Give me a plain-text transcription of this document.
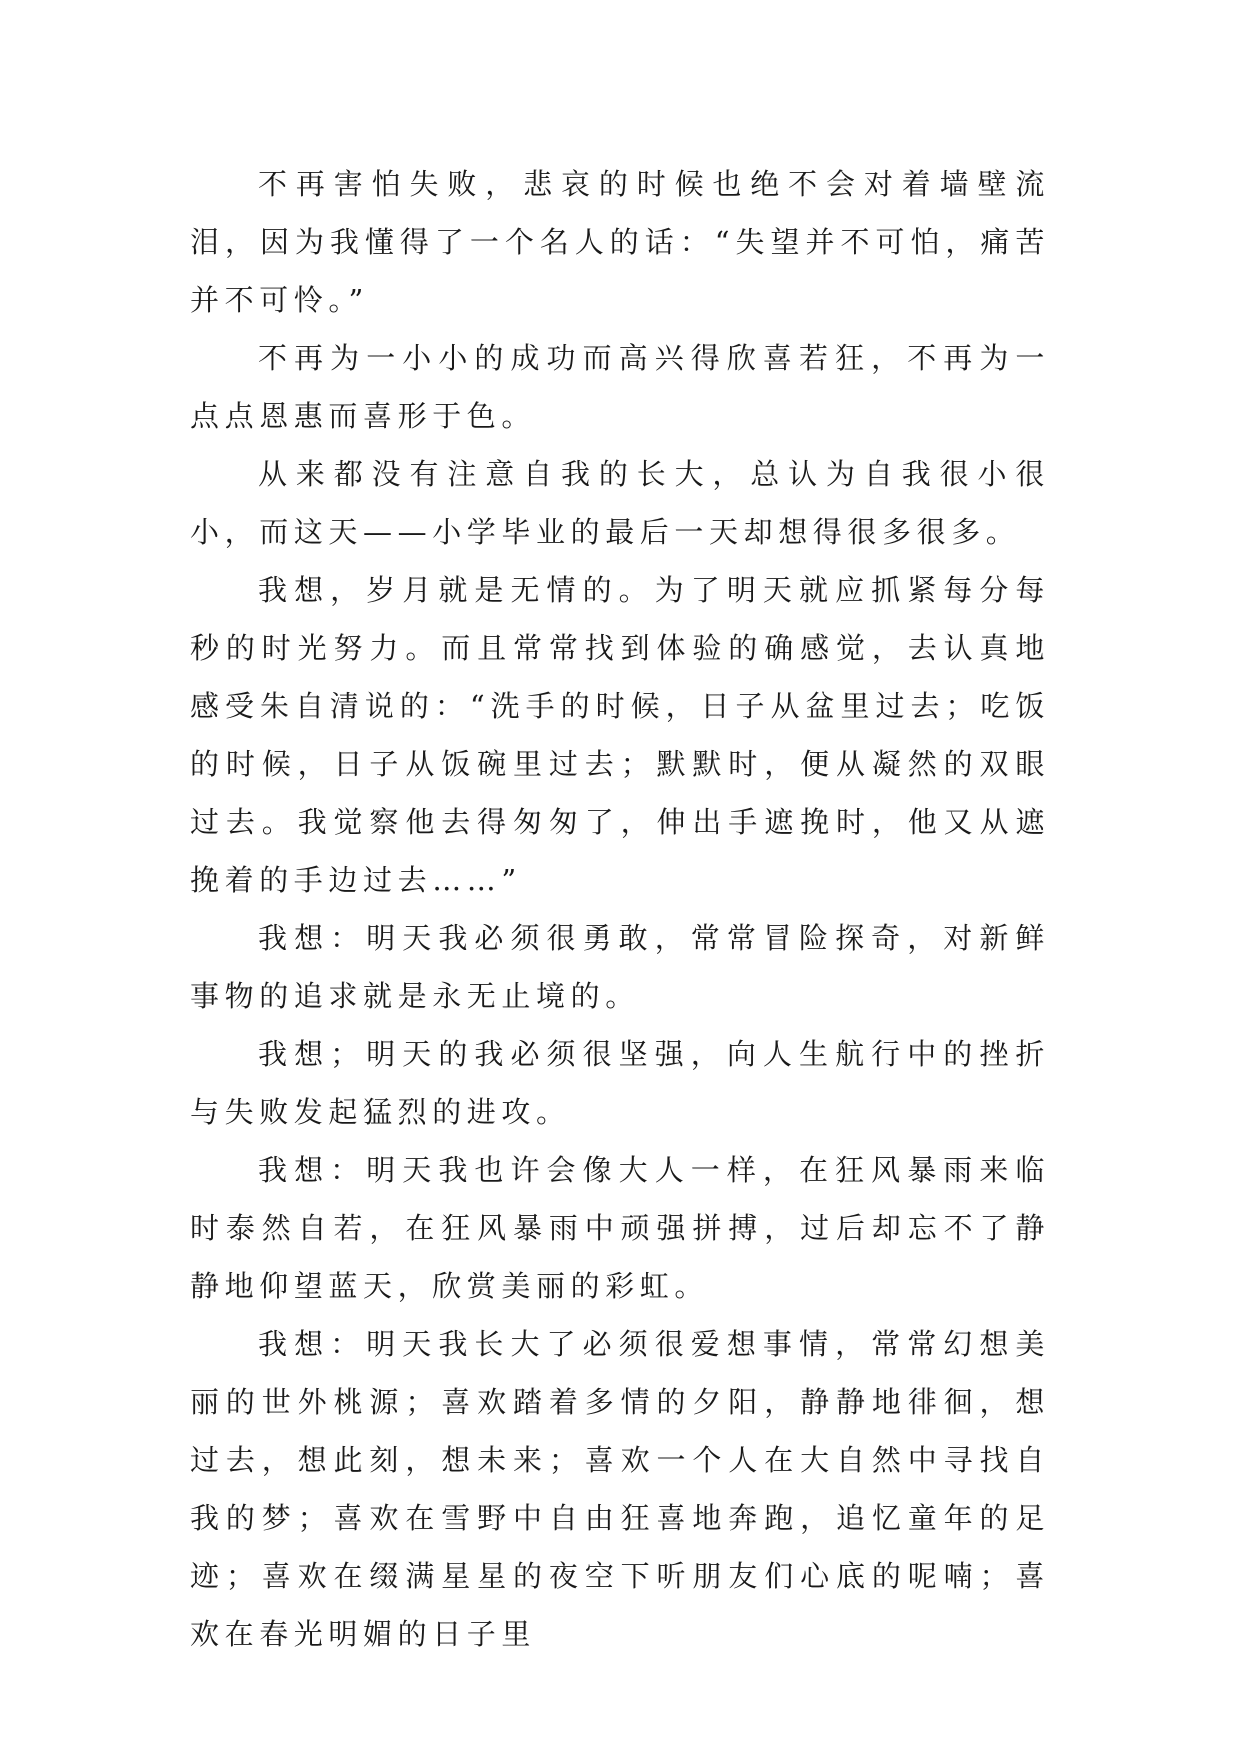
不再害怕失败，悲哀的时候也绝不会对着墙壁流泪，因为我懂得了一个名人的话：“失望并不可怕，痛苦并不可怜。”

不再为一小小的成功而高兴得欣喜若狂，不再为一点点恩惠而喜形于色。

从来都没有注意自我的长大，总认为自我很小很小，而这天——小学毕业的最后一天却想得很多很多。

我想，岁月就是无情的。为了明天就应抓紧每分每秒的时光努力。而且常常找到体验的确感觉，去认真地感受朱自清说的：“洗手的时候，日子从盆里过去；吃饭的时候，日子从饭碗里过去；默默时，便从凝然的双眼过去。我觉察他去得匆匆了，伸出手遮挽时，他又从遮挽着的手边过去……”

我想：明天我必须很勇敢，常常冒险探奇，对新鲜事物的追求就是永无止境的。

我想；明天的我必须很坚强，向人生航行中的挫折与失败发起猛烈的进攻。

我想：明天我也许会像大人一样，在狂风暴雨来临时泰然自若，在狂风暴雨中顽强拼搏，过后却忘不了静静地仰望蓝天，欣赏美丽的彩虹。

我想：明天我长大了必须很爱想事情，常常幻想美丽的世外桃源；喜欢踏着多情的夕阳，静静地徘徊，想过去，想此刻，想未来；喜欢一个人在大自然中寻找自我的梦；喜欢在雪野中自由狂喜地奔跑，追忆童年的足迹；喜欢在缀满星星的夜空下听朋友们心底的呢喃；喜欢在春光明媚的日子里
